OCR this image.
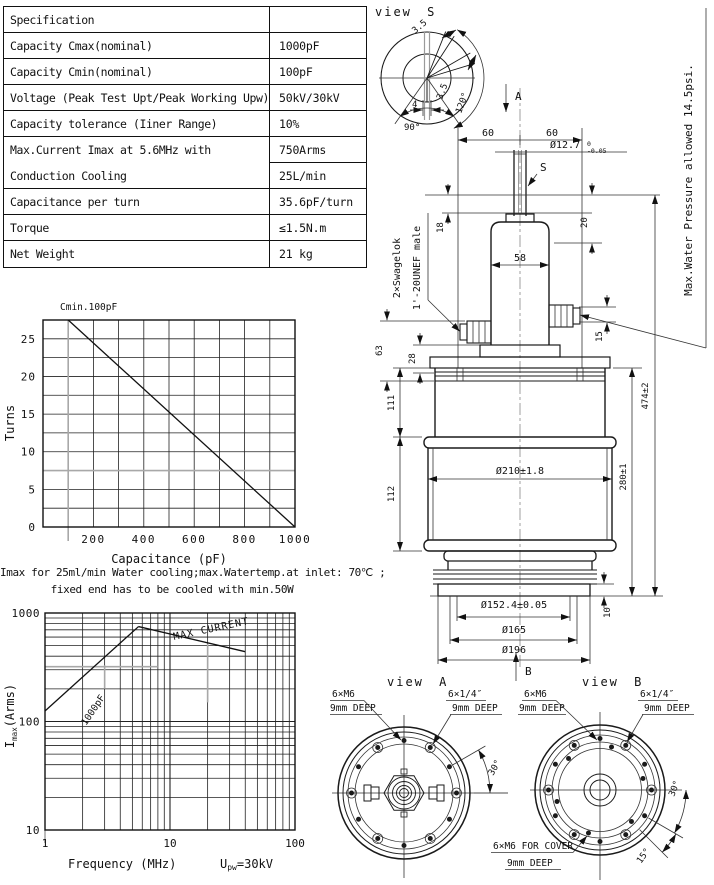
Specification
Capacity Cmax(nominal)	1000pF
Capacity Cmin(nominal)	100pF
Voltage (Peak Test Upt/Peak Working Upw) 50kV/30kV
Capacity tolerance (Iiner Range)	10%
Max.Current Imax at 5.6MHz with	750Arms
Conduction Cooling	25L/min
Capacitance per turn	35.6pF/turn
Torque	≤1.5N.m
Net Weight	21 kg
0
5
10
15
20
25
200 400 600 800 1000
Cmin.100pF
Capacitance (pF)
Turns
Imax for 25ml/min Water cooling;max.Watertemp.at inlet: 70℃ ;
fixed end has to be cooled with min.50W
1000pF
MAX CURRENT
10
100
1000
1	10	100
Frequency (MHz)	Upw=30kV
$I_{max}(Arms)$
view S
3.5
3.5 120°
90°
4
60	60
Ø12.7 0
-0.05
S
18	20
58
2×Swagelok 1'-20UNEF male
63
28
15
111
Ø210±1.8
112
10
Ø152.4±0.05
Ø165
Ø196
280±1
474±2
Max.Water Pressure allowed 14.5psi.
A
B
view A
6×M6
9mm DEEP
6×1/4″
9mm DEEP
30°
view B
6×M6
9mm DEEP
6×1/4″
9mm DEEP
30°
15°
6×M6 FOR COVER
9mm DEEP
